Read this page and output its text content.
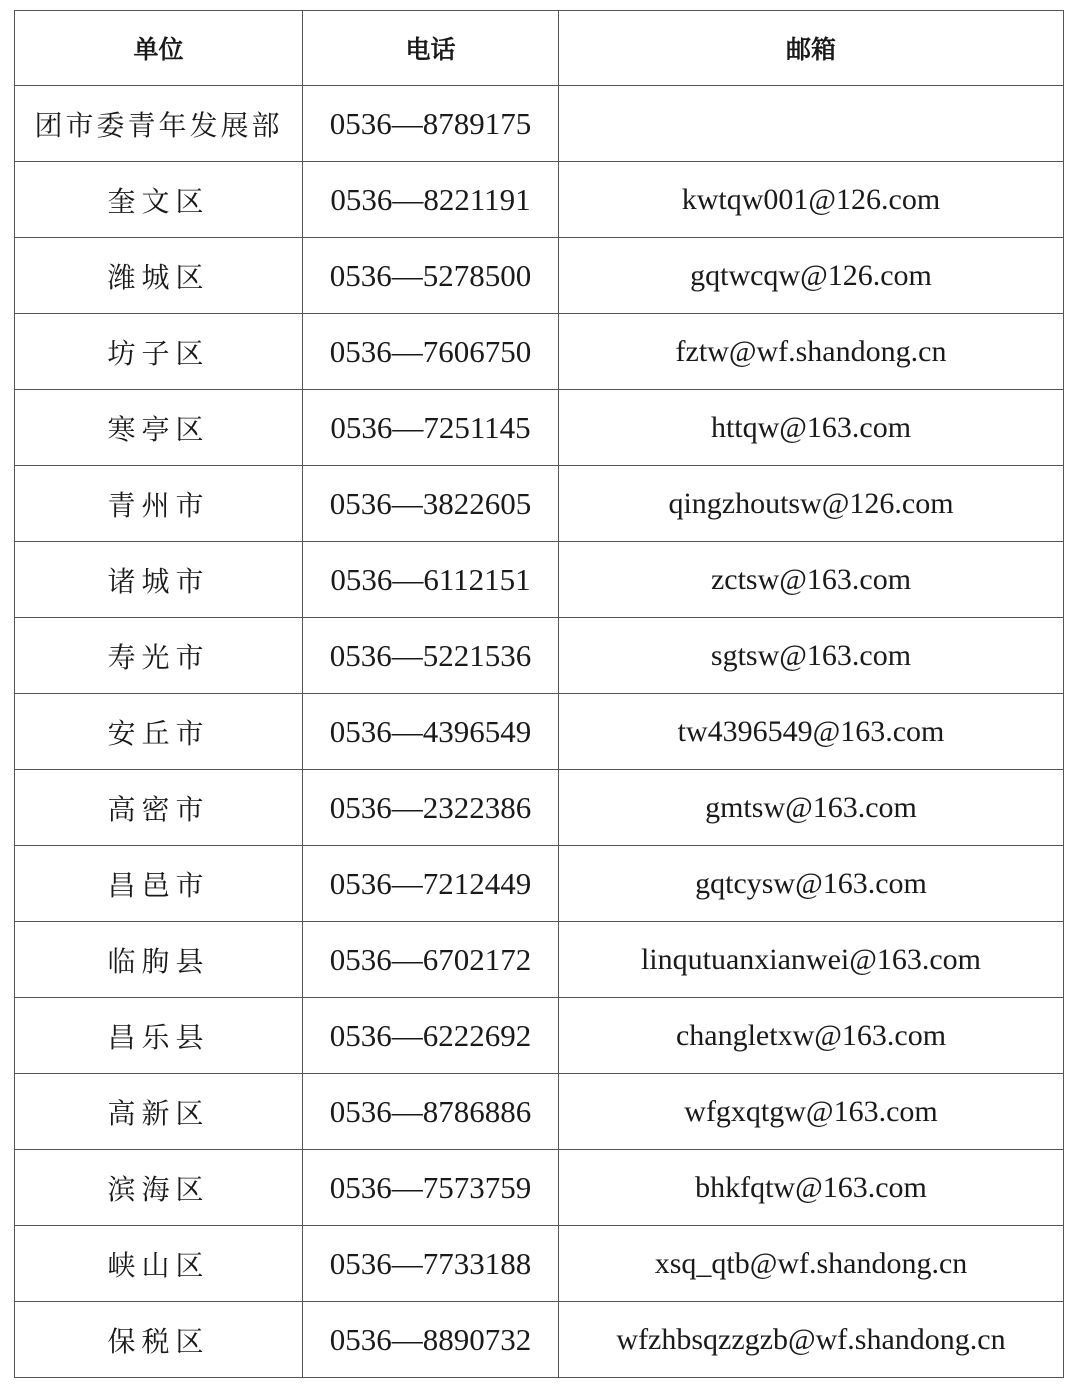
单位	电话	邮箱
团市委青年发展部	0536—8789175	
奎文区	0536—8221191	kwtqw001@126.com
潍城区	0536—5278500	gqtwcqw@126.com
坊子区	0536—7606750	fztw@wf.shandong.cn
寒亭区	0536—7251145	httqw@163.com
青州市	0536—3822605	qingzhoutsw@126.com
诸城市	0536—6112151	zctsw@163.com
寿光市	0536—5221536	sgtsw@163.com
安丘市	0536—4396549	tw4396549@163.com
高密市	0536—2322386	gmtsw@163.com
昌邑市	0536—7212449	gqtcysw@163.com
临朐县	0536—6702172	linqutuanxianwei@163.com
昌乐县	0536—6222692	changletxw@163.com
高新区	0536—8786886	wfgxqtgw@163.com
滨海区	0536—7573759	bhkfqtw@163.com
峡山区	0536—7733188	xsq_qtb@wf.shandong.cn
保税区	0536—8890732	wfzhbsqzzgzb@wf.shandong.cn
